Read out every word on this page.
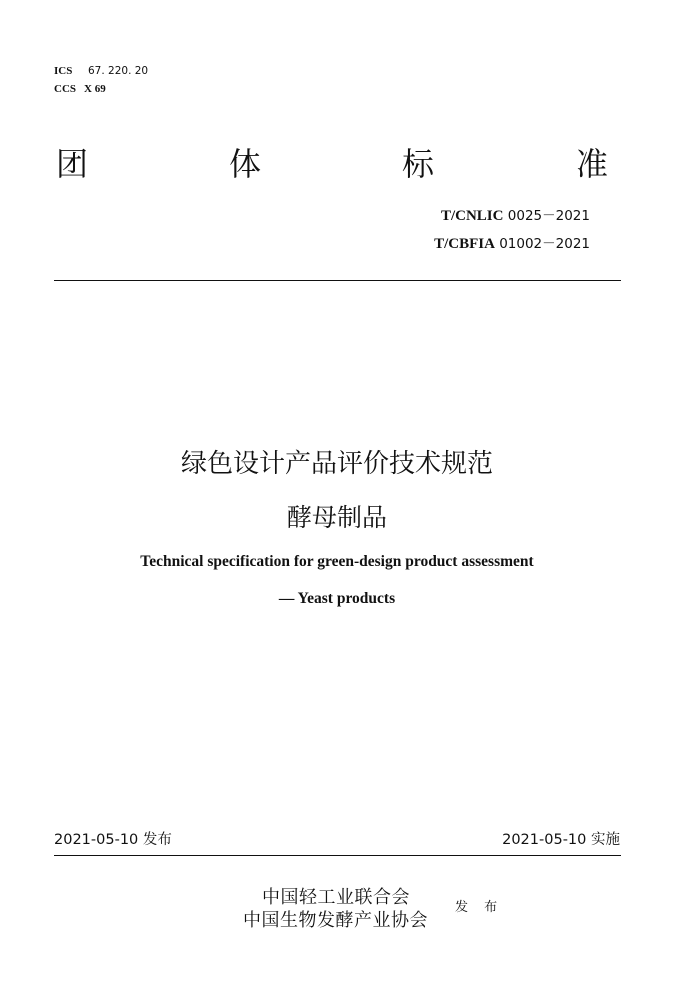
ICS 67. 220. 20
CCS X 69
团	体	标	准
T/CNLIC 0025－2021
T/CBFIA 01002－2021
绿色设计产品评价技术规范
酵母制品
Technical specification for green-design product assessment
— Yeast products
2021-05-10 发布	2021-05-10 实施
中国轻工业联合会
中国生物发酵产业协会
发 布
